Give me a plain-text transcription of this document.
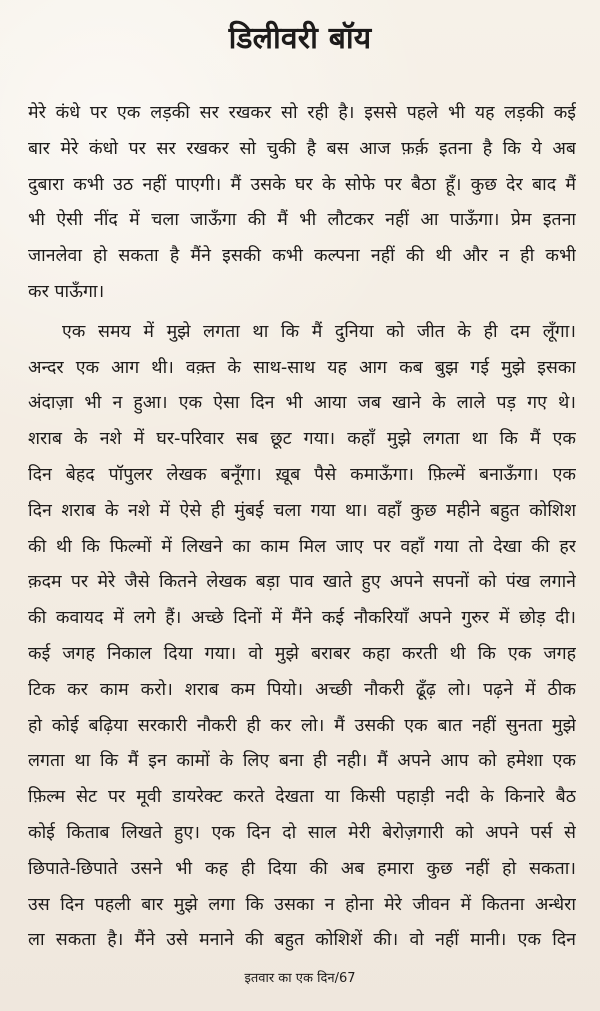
डिलीवरी बॉय
मेरे कंधे पर एक लड़की सर रखकर सो रही है। इससे पहले भी यह लड़की कई
बार मेरे कंधो पर सर रखकर सो चुकी है बस आज फ़र्क़ इतना है कि ये अब
दुबारा कभी उठ नहीं पाएगी। मैं उसके घर के सोफे पर बैठा हूँ। कुछ देर बाद मैं
भी ऐसी नींद में चला जाऊँगा की मैं भी लौटकर नहीं आ पाऊँगा। प्रेम इतना
जानलेवा हो सकता है मैंने इसकी कभी कल्पना नहीं की थी और न ही कभी
कर पाऊँगा।
एक समय में मुझे लगता था कि मैं दुनिया को जीत के ही दम लूँगा।
अन्दर एक आग थी। वक़्त के साथ-साथ यह आग कब बुझ गई मुझे इसका
अंदाज़ा भी न हुआ। एक ऐसा दिन भी आया जब खाने के लाले पड़ गए थे।
शराब के नशे में घर-परिवार सब छूट गया। कहाँ मुझे लगता था कि मैं एक
दिन बेहद पॉपुलर लेखक बनूँगा। ख़ूब पैसे कमाऊँगा। फ़िल्में बनाऊँगा। एक
दिन शराब के नशे में ऐसे ही मुंबई चला गया था। वहाँ कुछ महीने बहुत कोशिश
की थी कि फिल्मों में लिखने का काम मिल जाए पर वहाँ गया तो देखा की हर
क़दम पर मेरे जैसे कितने लेखक बड़ा पाव खाते हुए अपने सपनों को पंख लगाने
की कवायद में लगे हैं। अच्छे दिनों में मैंने कई नौकरियाँ अपने गुरुर में छोड़ दी।
कई जगह निकाल दिया गया। वो मुझे बराबर कहा करती थी कि एक जगह
टिक कर काम करो। शराब कम पियो। अच्छी नौकरी ढूँढ़ लो। पढ़ने में ठीक
हो कोई बढ़िया सरकारी नौकरी ही कर लो। मैं उसकी एक बात नहीं सुनता मुझे
लगता था कि मैं इन कामों के लिए बना ही नही। मैं अपने आप को हमेशा एक
फ़िल्म सेट पर मूवी डायरेक्ट करते देखता या किसी पहाड़ी नदी के किनारे बैठ
कोई किताब लिखते हुए। एक दिन दो साल मेरी बेरोज़गारी को अपने पर्स से
छिपाते-छिपाते उसने भी कह ही दिया की अब हमारा कुछ नहीं हो सकता।
उस दिन पहली बार मुझे लगा कि उसका न होना मेरे जीवन में कितना अन्धेरा
ला सकता है। मैंने उसे मनाने की बहुत कोशिशें की। वो नहीं मानी। एक दिन
इतवार का एक दिन/67
